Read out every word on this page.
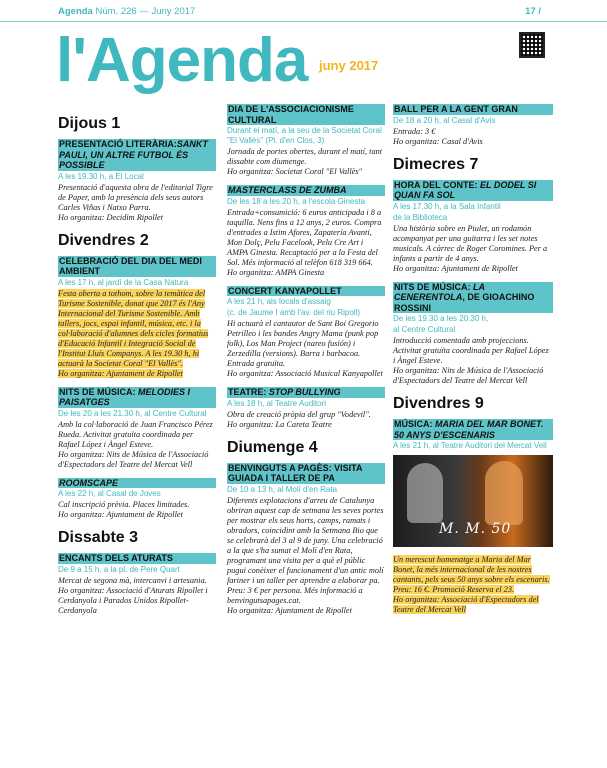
Agenda Núm. 226 — Juny 2017	17 /
l'Agenda juny 2017
Dijous 1
PRESENTACIÓ LITERÀRIA:SANKT PAULI, UN ALTRE FUTBOL ÉS POSSIBLE
A les 19.30 h, a El Local
Presentació d'aquesta obra de l'editorial Tigre de Paper, amb la presència dels seus autors Carles Viñas i Natxo Parra.
Ho organitza: Decidim Ripollet
Divendres 2
CELEBRACIÓ DEL DIA DEL MEDI AMBIENT
A les 17 h, al jardí de la Casa Natura
Festa oberta a tothom, sobre la temàtica del Turisme Sostenible, donat que 2017 és l'Any Internacional del Turisme Sostenible. Amb tallers, jocs, espai infantil, música, etc. i la col·laboració d'alumnes dels cicles formatius d'Educació Infantil i Integració Social de l'Institut Lluís Companys. A les 19.30 h, hi actuarà la Societat Coral "El Vallès".
Ho organitza: Ajuntament de Ripollet
NITS DE MÚSICA: MELODIES I PAISATGES
De les 20 a les 21.30 h, al Centre Cultural
Amb la col·laboració de Juan Francisco Pérez Rueda. Activitat gratuïta coordinada per Rafael López i Àngel Esteve.
Ho organitza: Nits de Música de l'Associació d'Espectadors del Teatre del Mercat Vell
ROOMSCAPE
A les 22 h, al Casal de Joves
Cal inscripció prèvia. Places limitades.
Ho organitza: Ajuntament de Ripollet
Dissabte 3
ENCANTS DELS ATURATS
De 9 a 15 h, a la pl. de Pere Quart
Mercat de segona mà, intercanvi i artesania.
Ho organitza: Associació d'Aturats Ripollet i Cerdanyola i Parados Unidos Ripollet-Cerdanyola
DIA DE L'ASSOCIACIONISME CULTURAL
Durant el matí, a la seu de la Societat Coral "El Vallès" (Pl. d'en Clos, 3)
Jornada de portes obertes, durant el matí, tant dissabte com diumenge.
Ho organitza: Societat Coral "El Vallès"
MASTERCLASS DE ZUMBA
De les 18 a les 20 h, a l'escola Ginesta
Entrada+consumició: 6 euros anticipada i 8 a taquilla. Nens fins a 12 anys, 2 euros. Compra d'entrades a Istim Afores, Zapatería Avanti, Mon Dolç, Pelu Facelook, Pelu Cre Art i AMPA Ginesta. Recaptació per a la Festa del Sol. Més informació al telèfon 618 319 664.
Ho organitza: AMPA Ginesta
CONCERT KANYAPOLLET
A les 21 h, als locals d'assaig
(c. de Jaume I amb l'av. del riu Ripoll)
Hi actuarà el cantautor de Sant Boi Gregorio Petrilleo i les bandes Angry Mama (punk pop folk), Los Man Project (nareo fusión) i Zerzedilla (versions). Barra i barbacoa. Entrada gratuïta.
Ho organitza: Associació Musical Kanyapollet
TEATRE: STOP BULLYING
A les 18 h, al Teatre Auditori
Obra de creació pròpia del grup "Vodevil".
Ho organitza: La Careta Teatre
Diumenge 4
BENVINGUTS A PAGÈS: VISITA GUIADA I TALLER DE PA
De 10 a 13 h, al Molí d'en Rata
Diferents explotacions d'arreu de Catalunya obriran aquest cap de setmana les seves portes per mostrar els seus horts, camps, ramats i obradors, coincidint amb la Setmana Bio que se celebrarà del 3 al 9 de juny. Una celebració a la que s'ha sumat el Molí d'en Rata, programant una visita per a què el públic pugui conèixer el funcionament d'un antic molí fariner i un taller per aprendre a elaborar pa. Preu: 3 € per persona. Més informació a benvingutsapages.cat.
Ho organitza: Ajuntament de Ripollet
BALL PER A LA GENT GRAN
De 18 a 20 h, al Casal d'Avis
Entrada: 3 €
Ho organitza: Casal d'Avis
Dimecres 7
HORA DEL CONTE: EL DODEL SI QUAN FA SOL
A les 17.30 h, a la Sala Infantil
de la Biblioteca
Una història sobre en Piulet, un rodamón acompanyat per una guitarra i les set notes musicals. A càrrec de Roger Coromines. Per a infants a partir de 4 anys.
Ho organitza: Ajuntament de Ripollet
NITS DE MÚSICA: LA CENERENTOLA, DE GIOACHINO ROSSINI
De les 19.30 a les 20.30 h,
al Centre Cultural
Introducció comentada amb projeccions. Activitat gratuïta coordinada per Rafael López i Àngel Esteve.
Ho organitza: Nits de Música de l'Associació d'Espectadors del Teatre del Mercat Vell
Divendres 9
MÚSICA: MARIA DEL MAR BONET. 50 ANYS D'ESCENARIS
A les 21 h, al Teatre Auditori del Mercat Vell
M. M. 50
Un merescut homenatge a Maria del Mar Bonet, la més internacional de les nostres cantants, pels seus 50 anys sobre els escenaris. Preu: 16 €. Promoció Reserva el 23.
Ho organitza: Associació d'Espectadors del Teatre del Mercat Vell
